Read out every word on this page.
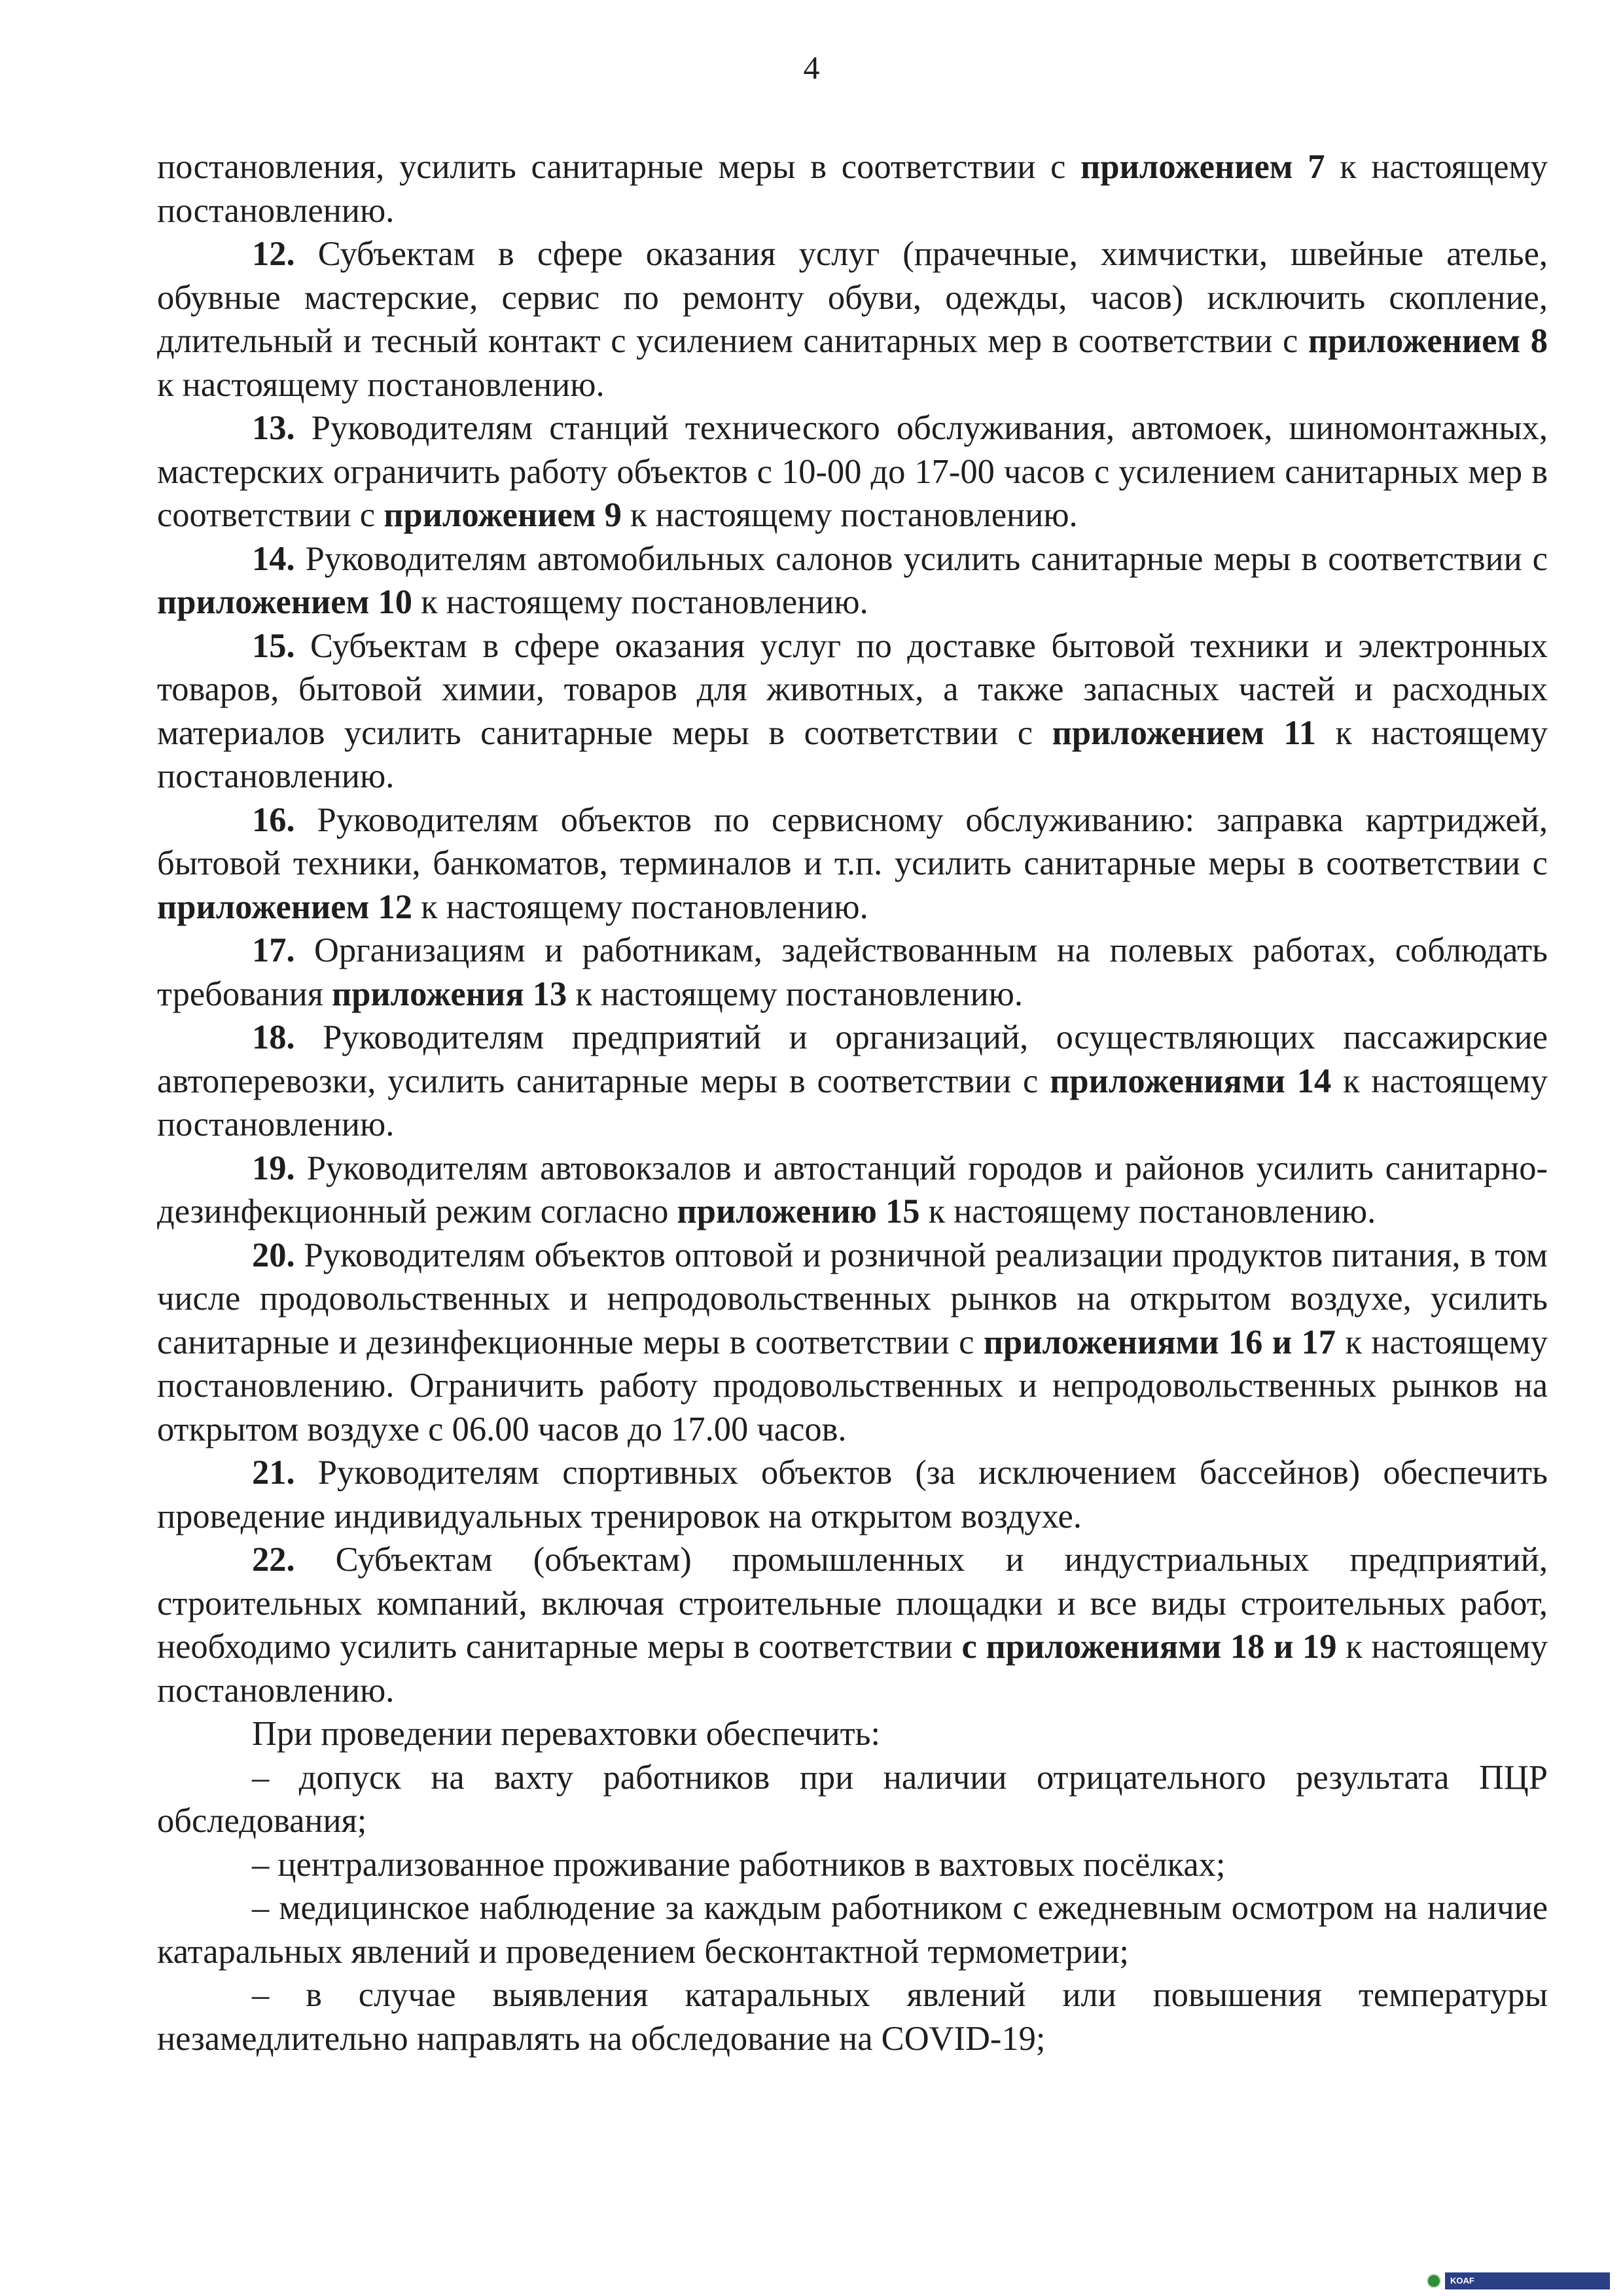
4

постановления, усилить санитарные меры в соответствии с приложением 7 к настоящему постановлению.

12. Субъектам в сфере оказания услуг (прачечные, химчистки, швейные ателье, обувные мастерские, сервис по ремонту обуви, одежды, часов) исключить скопление, длительный и тесный контакт с усилением санитарных мер в соответствии с приложением 8 к настоящему постановлению.

13. Руководителям станций технического обслуживания, автомоек, шиномонтажных, мастерских ограничить работу объектов с 10-00 до 17-00 часов с усилением санитарных мер в соответствии с приложением 9 к настоящему постановлению.

14. Руководителям автомобильных салонов усилить санитарные меры в соответствии с приложением 10 к настоящему постановлению.

15. Субъектам в сфере оказания услуг по доставке бытовой техники и электронных товаров, бытовой химии, товаров для животных, а также запасных частей и расходных материалов усилить санитарные меры в соответствии с приложением 11 к настоящему постановлению.

16. Руководителям объектов по сервисному обслуживанию: заправка картриджей, бытовой техники, банкоматов, терминалов и т.п. усилить санитарные меры в соответствии с приложением 12 к настоящему постановлению.

17. Организациям и работникам, задействованным на полевых работах, соблюдать требования приложения 13 к настоящему постановлению.

18. Руководителям предприятий и организаций, осуществляющих пассажирские автоперевозки, усилить санитарные меры в соответствии с приложениями 14 к настоящему постановлению.

19. Руководителям автовокзалов и автостанций городов и районов усилить санитарно-дезинфекционный режим согласно приложению 15 к настоящему постановлению.

20. Руководителям объектов оптовой и розничной реализации продуктов питания, в том числе продовольственных и непродовольственных рынков на открытом воздухе, усилить санитарные и дезинфекционные меры в соответствии с приложениями 16 и 17 к настоящему постановлению. Ограничить работу продовольственных и непродовольственных рынков на открытом воздухе с 06.00 часов до 17.00 часов.

21. Руководителям спортивных объектов (за исключением бассейнов) обеспечить проведение индивидуальных тренировок на открытом воздухе.

22. Субъектам (объектам) промышленных и индустриальных предприятий, строительных компаний, включая строительные площадки и все виды строительных работ, необходимо усилить санитарные меры в соответствии с приложениями 18 и 19 к настоящему постановлению.

При проведении перевахтовки обеспечить:

– допуск на вахту работников при наличии отрицательного результата ПЦР обследования;

– централизованное проживание работников в вахтовых посёлках;

– медицинское наблюдение за каждым работником с ежедневным осмотром на наличие катаральных явлений и проведением бесконтактной термометрии;

– в случае выявления катаральных явлений или повышения температуры незамедлительно направлять на обследование на COVID-19;

KOAF
